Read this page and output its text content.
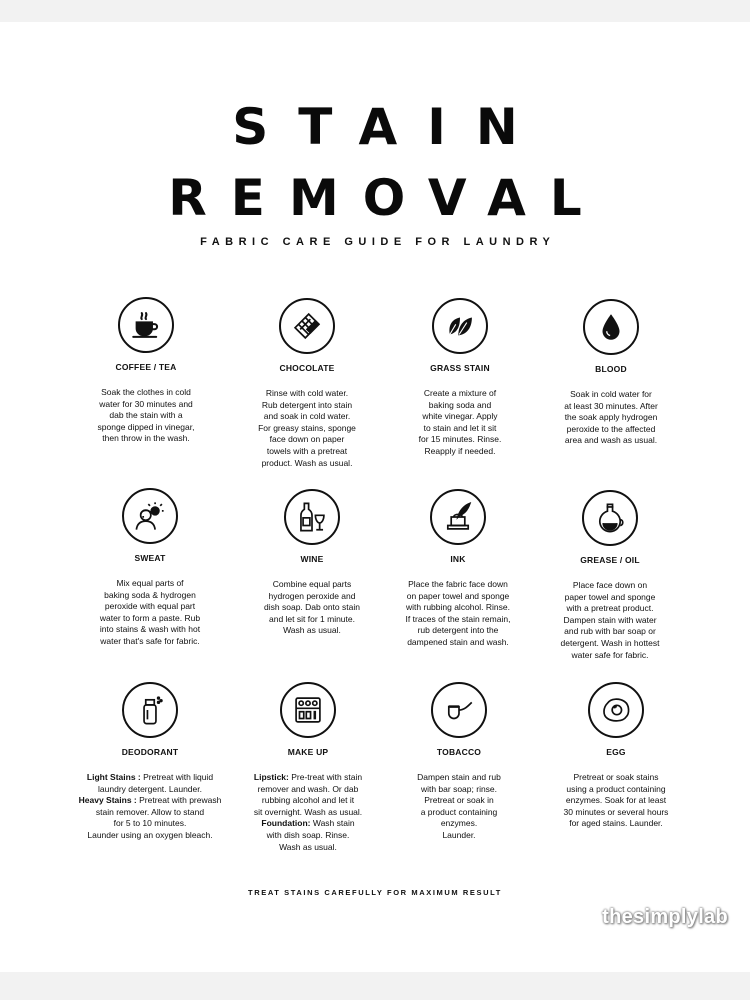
STAIN
REMOVAL
FABRIC CARE GUIDE FOR LAUNDRY
COFFEE / TEA
Soak the clothes in cold
water for 30 minutes and
dab the stain with a
sponge dipped in vinegar,
then throw in the wash.
CHOCOLATE
Rinse with cold water.
Rub detergent into stain
and soak in cold water.
For greasy stains, sponge
face down on paper
towels with a pretreat
product. Wash as usual.
GRASS STAIN
Create a mixture of
baking soda and
white vinegar. Apply
to stain and let it sit
for 15 minutes. Rinse.
Reapply if needed.
BLOOD
Soak in cold water for
at least 30 minutes. After
the soak apply hydrogen
peroxide to the affected
area and wash as usual.
SWEAT
Mix equal parts of
baking soda & hydrogen
peroxide with equal part
water to form a paste. Rub
into stains & wash with hot
water that's safe for fabric.
WINE
Combine equal parts
hydrogen peroxide and
dish soap. Dab onto stain
and let sit for 1 minute.
Wash as usual.
INK
Place the fabric face down
on paper towel and sponge
with rubbing alcohol. Rinse.
If traces of the stain remain,
rub detergent into the
dampened stain and wash.
GREASE / OIL
Place face down on
paper towel and sponge
with a pretreat product.
Dampen stain with water
and rub with bar soap or
detergent. Wash in hottest
water safe for fabric.
DEODORANT
Light Stains : Pretreat with liquid
laundry detergent. Launder.
Heavy Stains : Pretreat with prewash
stain remover. Allow to stand
for 5 to 10 minutes.
Launder using an oxygen bleach.
MAKE UP
Lipstick: Pre-treat with stain
remover and wash. Or dab
rubbing alcohol and let it
sit overnight. Wash as usual.
Foundation: Wash stain
with dish soap. Rinse.
Wash as usual.
TOBACCO
Dampen stain and rub
with bar soap; rinse.
Pretreat or soak in
a product containing
enzymes.
Launder.
EGG
Pretreat or soak stains
using a product containing
enzymes. Soak for at least
30 minutes or several hours
for aged stains. Launder.
TREAT STAINS CAREFULLY FOR MAXIMUM RESULT
thesimplylab
